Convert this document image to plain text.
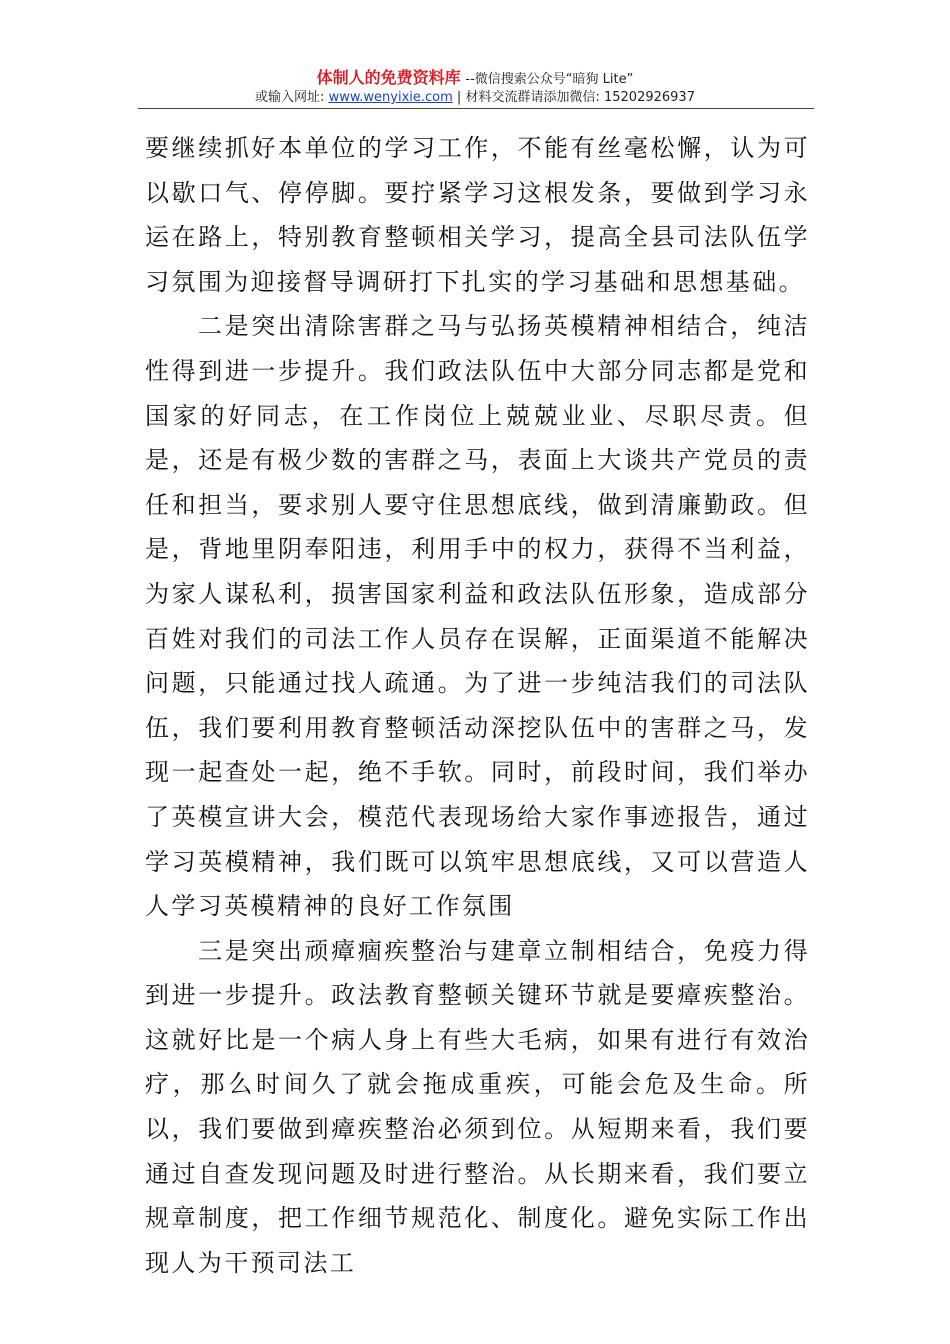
体制人的免费资料库 --微信搜索公众号“暗狗 Lite”
或输入网址: www.wenyixie.com | 材料交流群请添加微信: 15202926937

要继续抓好本单位的学习工作，不能有丝毫松懈，认为可以歇口气、停停脚。要拧紧学习这根发条，要做到学习永运在路上，特别教育整顿相关学习，提高全县司法队伍学习氛围为迎接督导调研打下扎实的学习基础和思想基础。

二是突出清除害群之马与弘扬英模精神相结合，纯洁性得到进一步提升。我们政法队伍中大部分同志都是党和国家的好同志，在工作岗位上兢兢业业、尽职尽责。但是，还是有极少数的害群之马，表面上大谈共产党员的责任和担当，要求别人要守住思想底线，做到清廉勤政。但是，背地里阴奉阳违，利用手中的权力，获得不当利益，为家人谋私利，损害国家利益和政法队伍形象，造成部分百姓对我们的司法工作人员存在误解，正面渠道不能解决问题，只能通过找人疏通。为了进一步纯洁我们的司法队伍，我们要利用教育整顿活动深挖队伍中的害群之马，发现一起查处一起，绝不手软。同时，前段时间，我们举办了英模宣讲大会，模范代表现场给大家作事迹报告，通过学习英模精神，我们既可以筑牢思想底线，又可以营造人人学习英模精神的良好工作氛围

三是突出顽瘴痼疾整治与建章立制相结合，免疫力得到进一步提升。政法教育整顿关键环节就是要瘴疾整治。这就好比是一个病人身上有些大毛病，如果有进行有效治疗，那么时间久了就会拖成重疾，可能会危及生命。所以，我们要做到瘴疾整治必须到位。从短期来看，我们要通过自查发现问题及时进行整治。从长期来看，我们要立规章制度，把工作细节规范化、制度化。避免实际工作出现人为干预司法工
